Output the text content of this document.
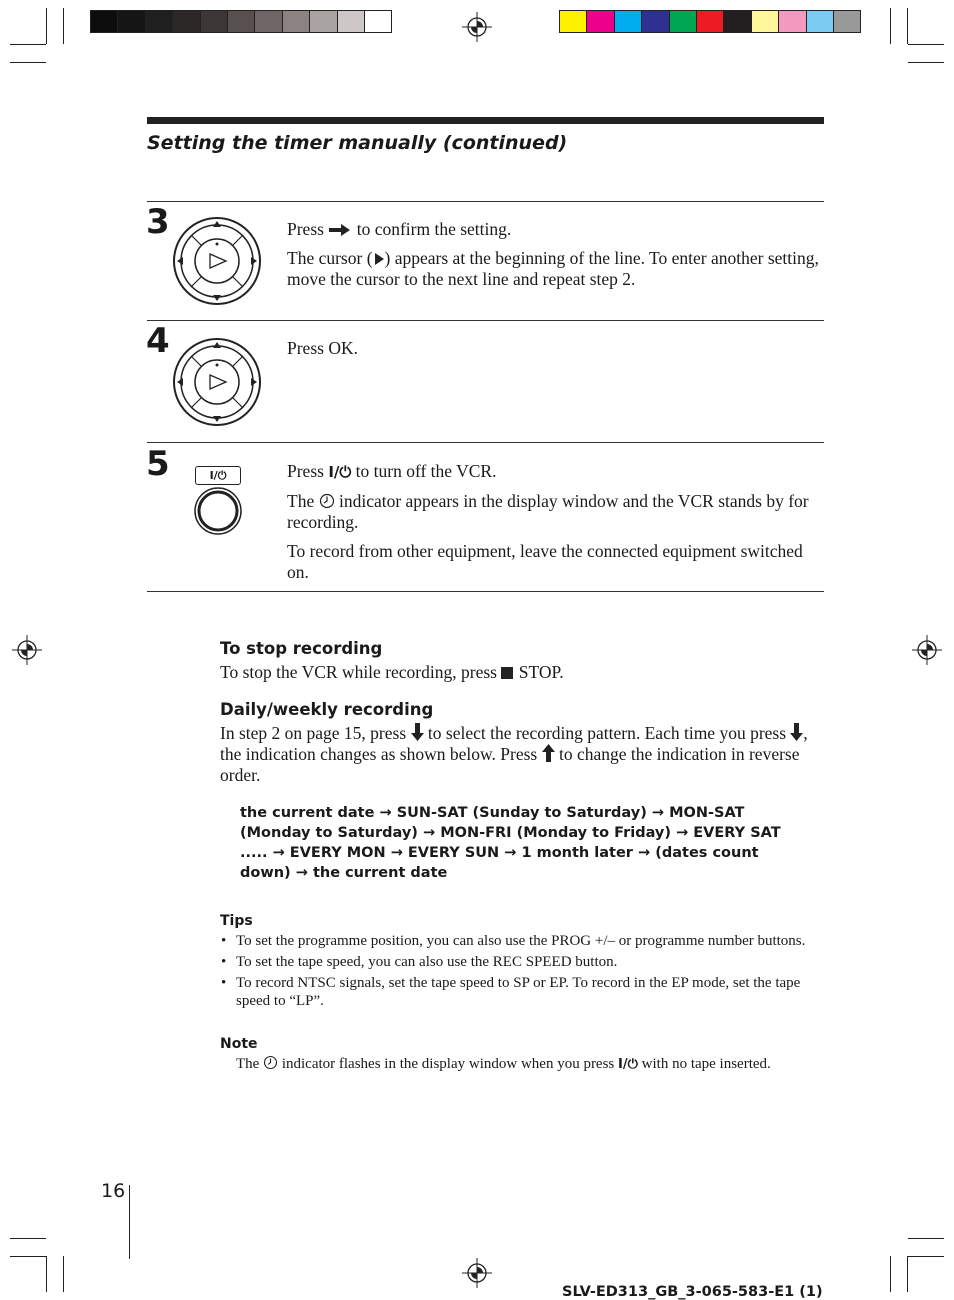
Setting the timer manually (continued)
3	Press to confirm the setting.

The cursor ( ) appears at the beginning of the line. To enter another setting, move the cursor to the next line and repeat step 2.

4	Press OK.

5	I/⏻	Press I/⏻ to turn off the VCR.

The indicator appears in the display window and the VCR stands by for recording.

To record from other equipment, leave the connected equipment switched on.

To stop recording

To stop the VCR while recording, press STOP.

Daily/weekly recording

In step 2 on page 15, press to select the recording pattern. Each time you press , the indication changes as shown below. Press to change the indication in reverse order.

the current date → SUN-SAT (Sunday to Saturday) → MON-SAT (Monday to Saturday) → MON-FRI (Monday to Friday) → EVERY SAT ..... → EVERY MON → EVERY SUN → 1 month later → (dates count down) → the current date
Tips

• To set the programme position, you can also use the PROG +/– or programme number buttons.

• To set the tape speed, you can also use the REC SPEED button.

• To record NTSC signals, set the tape speed to SP or EP. To record in the EP mode, set the tape speed to “LP”.

Note

The indicator flashes in the display window when you press I/⏻ with no tape inserted.

16
SLV-ED313_GB_3-065-583-E1 (1)
